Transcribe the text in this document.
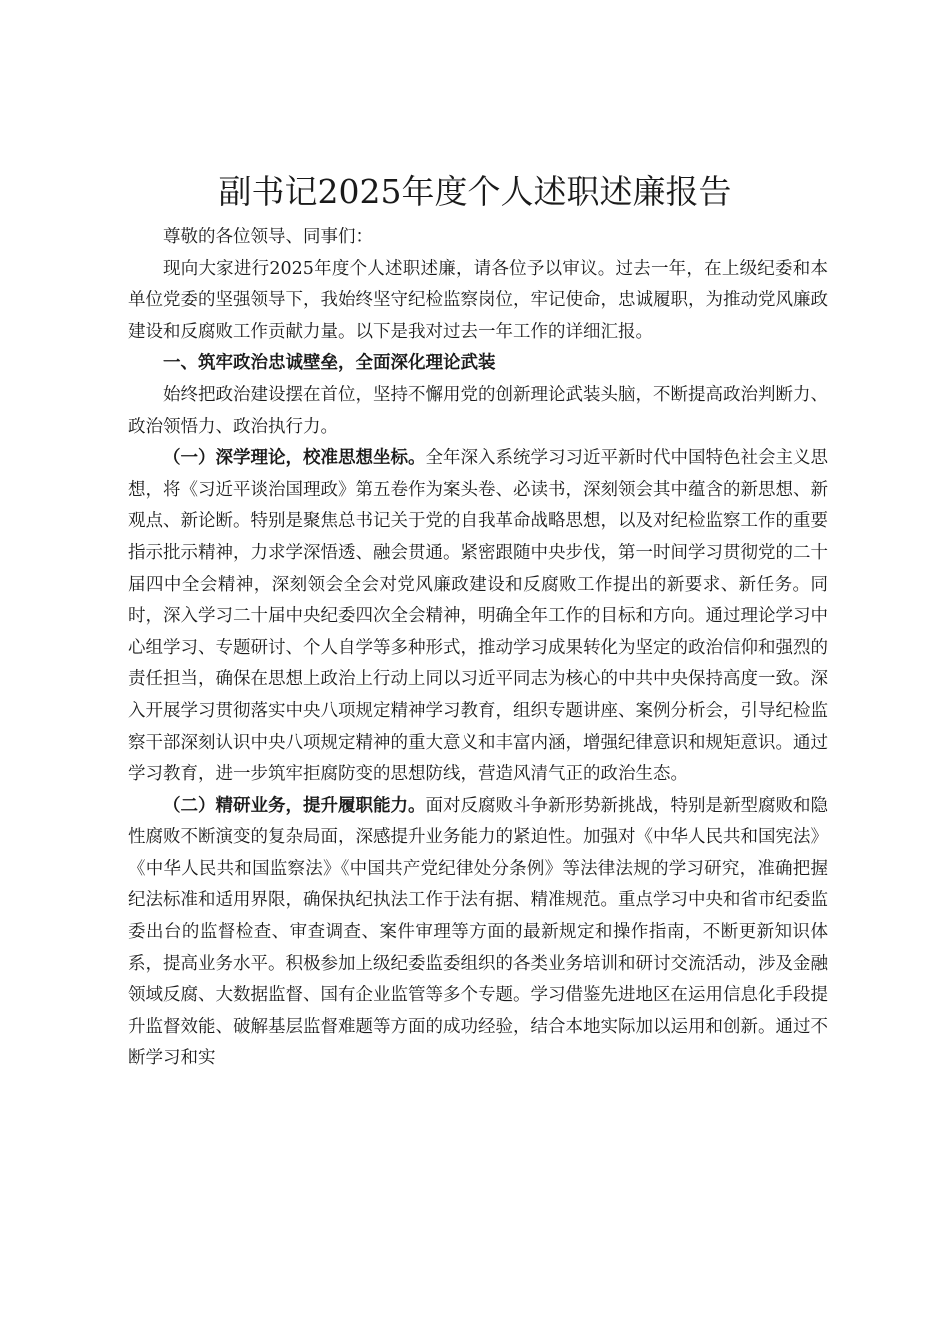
副书记2025年度个人述职述廉报告

尊敬的各位领导、同事们：

现向大家进行2025年度个人述职述廉，请各位予以审议。过去一年，在上级纪委和本单位党委的坚强领导下，我始终坚守纪检监察岗位，牢记使命，忠诚履职，为推动党风廉政建设和反腐败工作贡献力量。以下是我对过去一年工作的详细汇报。

一、筑牢政治忠诚壁垒，全面深化理论武装

始终把政治建设摆在首位，坚持不懈用党的创新理论武装头脑，不断提高政治判断力、政治领悟力、政治执行力。

（一）深学理论，校准思想坐标。全年深入系统学习习近平新时代中国特色社会主义思想，将《习近平谈治国理政》第五卷作为案头卷、必读书，深刻领会其中蕴含的新思想、新观点、新论断。特别是聚焦总书记关于党的自我革命战略思想，以及对纪检监察工作的重要指示批示精神，力求学深悟透、融会贯通。紧密跟随中央步伐，第一时间学习贯彻党的二十届四中全会精神，深刻领会全会对党风廉政建设和反腐败工作提出的新要求、新任务。同时，深入学习二十届中央纪委四次全会精神，明确全年工作的目标和方向。通过理论学习中心组学习、专题研讨、个人自学等多种形式，推动学习成果转化为坚定的政治信仰和强烈的责任担当，确保在思想上政治上行动上同以习近平同志为核心的中共中央保持高度一致。深入开展学习贯彻落实中央八项规定精神学习教育，组织专题讲座、案例分析会，引导纪检监察干部深刻认识中央八项规定精神的重大意义和丰富内涵，增强纪律意识和规矩意识。通过学习教育，进一步筑牢拒腐防变的思想防线，营造风清气正的政治生态。

（二）精研业务，提升履职能力。面对反腐败斗争新形势新挑战，特别是新型腐败和隐性腐败不断演变的复杂局面，深感提升业务能力的紧迫性。加强对《中华人民共和国宪法》《中华人民共和国监察法》《中国共产党纪律处分条例》等法律法规的学习研究，准确把握纪法标准和适用界限，确保执纪执法工作于法有据、精准规范。重点学习中央和省市纪委监委出台的监督检查、审查调查、案件审理等方面的最新规定和操作指南，不断更新知识体系，提高业务水平。积极参加上级纪委监委组织的各类业务培训和研讨交流活动，涉及金融领域反腐、大数据监督、国有企业监管等多个专题。学习借鉴先进地区在运用信息化手段提升监督效能、破解基层监督难题等方面的成功经验，结合本地实际加以运用和创新。通过不断学习和实
